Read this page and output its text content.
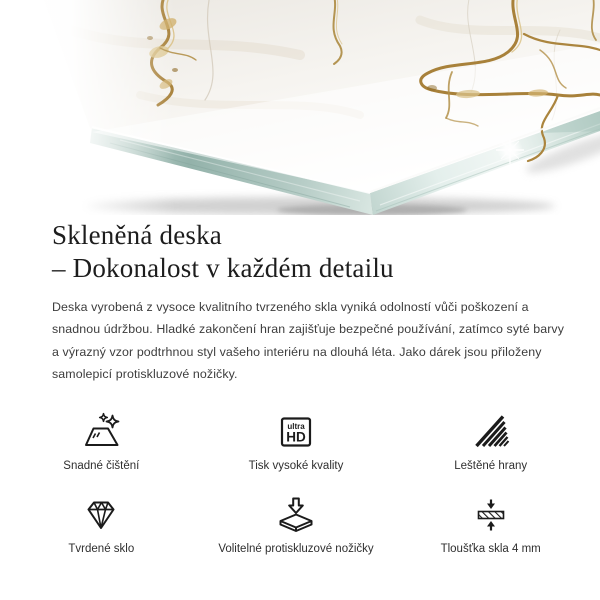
Skleněná deska
– Dokonalost v každém detailu

Deska vyrobená z vysoce kvalitního tvrzeného skla vyniká odolností vůči poškození a snadnou údržbou. Hladké zakončení hran zajišťuje bezpečné používání, zatímco syté barvy a výrazný vzor podtrhnou styl vašeho interiéru na dlouhá léta. Jako dárek jsou přiloženy samolepicí protiskluzové nožičky.

Snadné čištění
ultra
HD
Tisk vysoké kvality	Leštěné hrany
Tvrdené sklo	Volitelné protiskluzové nožičky	Tloušťka skla 4 mm
